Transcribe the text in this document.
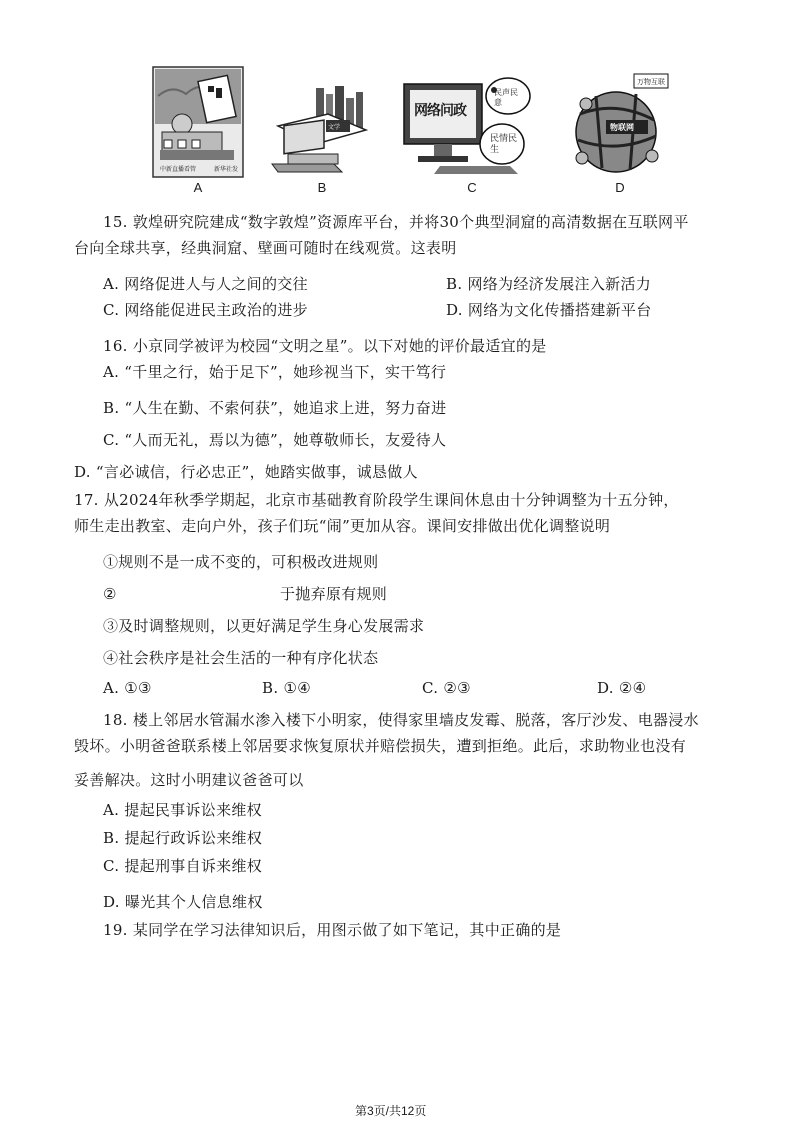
中新直播看管	新华社发
A
文学
B
网络问政
民声民意
民情民生
C
万物互联
物联网
D
15. 敦煌研究院建成“数字敦煌”资源库平台，并将30个典型洞窟的高清数据在互联网平
台向全球共享，经典洞窟、壁画可随时在线观赏。这表明
A. 网络促进人与人之间的交往	B. 网络为经济发展注入新活力
C. 网络能促进民主政治的进步	D. 网络为文化传播搭建新平台
16. 小京同学被评为校园“文明之星”。以下对她的评价最适宜的是
A. “千里之行，始于足下”，她珍视当下，实干笃行
B. “人生在勤、不索何获”，她追求上进，努力奋进
C. “人而无礼，焉以为德”，她尊敬师长，友爱待人
D. “言必诚信，行必忠正”，她踏实做事，诚恳做人
17. 从2024年秋季学期起，北京市基础教育阶段学生课间休息由十分钟调整为十五分钟，
师生走出教室、走向户外，孩子们玩“闹”更加从容。课间安排做出优化调整说明
①规则不是一成不变的，可积极改进规则
②	于抛弃原有规则
③及时调整规则，以更好满足学生身心发展需求
④社会秩序是社会生活的一种有序化状态
A. ①③	B. ①④	C. ②③	D. ②④
18. 楼上邻居水管漏水渗入楼下小明家，使得家里墙皮发霉、脱落，客厅沙发、电器浸水
毁坏。小明爸爸联系楼上邻居要求恢复原状并赔偿损失，遭到拒绝。此后，求助物业也没有
妥善解决。这时小明建议爸爸可以
A. 提起民事诉讼来维权
B. 提起行政诉讼来维权
C. 提起刑事自诉来维权
D. 曝光其个人信息维权
19. 某同学在学习法律知识后，用图示做了如下笔记，其中正确的是
第3页/共12页
